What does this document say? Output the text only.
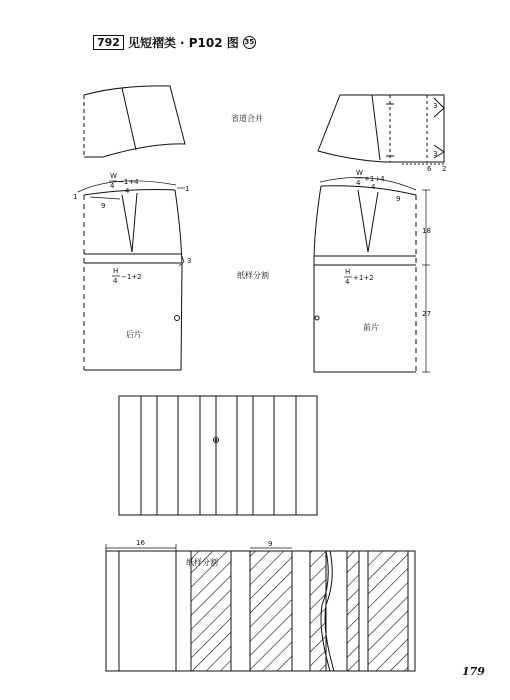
792 见短褶类 · P102 图 35
省道合并
纸样分割
纸样分割
后片
前片
W
4 −1+4
W
4 +1+4
H
4 −1+2
H
4 +1+2
1
9
4	1
3
4
9
18
27
3
3
6 2
16	9
179
